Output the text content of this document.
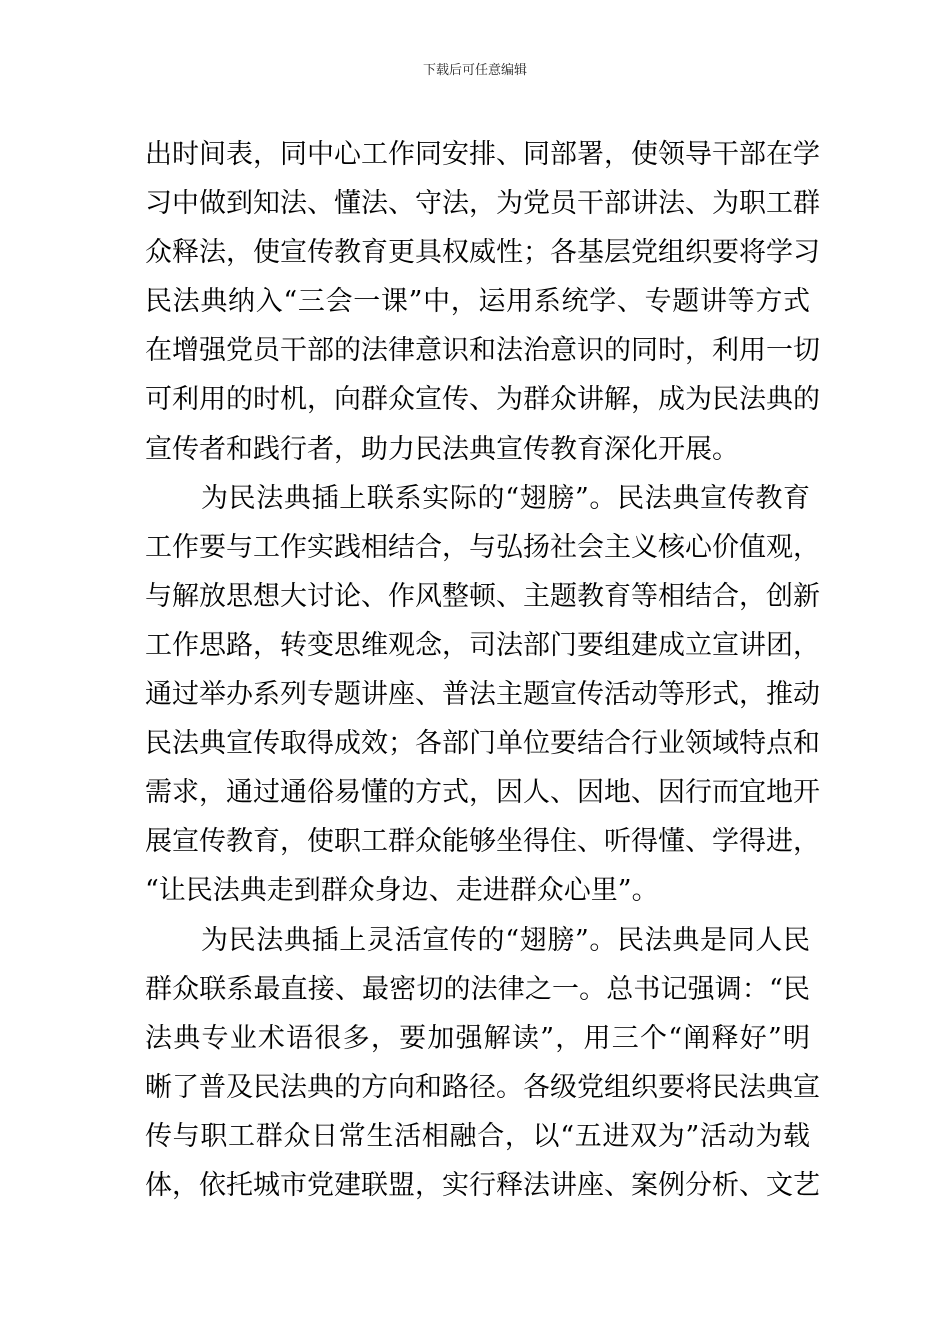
下载后可任意编辑
出时间表，同中心工作同安排、同部署，使领导干部在学
习中做到知法、懂法、守法，为党员干部讲法、为职工群
众释法，使宣传教育更具权威性；各基层党组织要将学习
民法典纳入“三会一课”中，运用系统学、专题讲等方式
在增强党员干部的法律意识和法治意识的同时，利用一切
可利用的时机，向群众宣传、为群众讲解，成为民法典的
宣传者和践行者，助力民法典宣传教育深化开展。
为民法典插上联系实际的“翅膀”。民法典宣传教育
工作要与工作实践相结合，与弘扬社会主义核心价值观，
与解放思想大讨论、作风整顿、主题教育等相结合，创新
工作思路，转变思维观念，司法部门要组建成立宣讲团，
通过举办系列专题讲座、普法主题宣传活动等形式，推动
民法典宣传取得成效；各部门单位要结合行业领域特点和
需求，通过通俗易懂的方式，因人、因地、因行而宜地开
展宣传教育，使职工群众能够坐得住、听得懂、学得进，
“让民法典走到群众身边、走进群众心里”。
为民法典插上灵活宣传的“翅膀”。民法典是同人民
群众联系最直接、最密切的法律之一。总书记强调：“民
法典专业术语很多，要加强解读”，用三个“阐释好”明
晰了普及民法典的方向和路径。各级党组织要将民法典宣
传与职工群众日常生活相融合，以“五进双为”活动为载
体，依托城市党建联盟，实行释法讲座、案例分析、文艺
